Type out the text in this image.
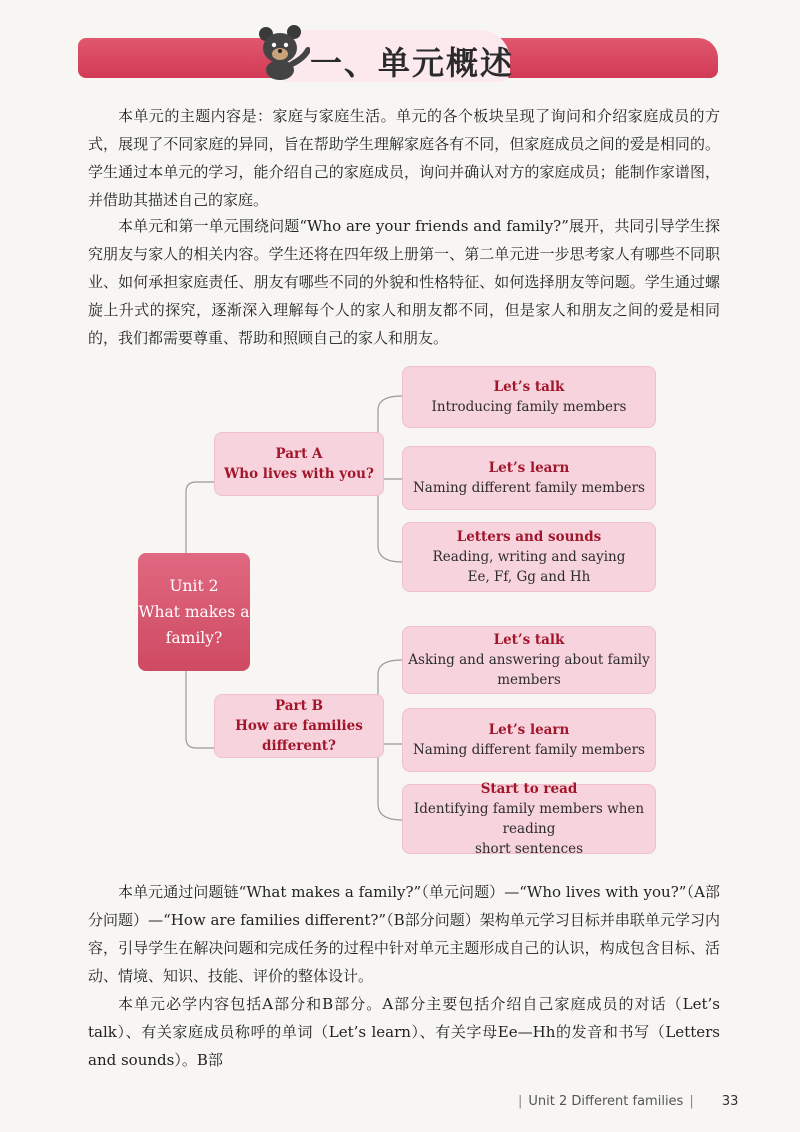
一、单元概述

本单元的主题内容是：家庭与家庭生活。单元的各个板块呈现了询问和介绍家庭成员的方式，展现了不同家庭的异同，旨在帮助学生理解家庭各有不同，但家庭成员之间的爱是相同的。学生通过本单元的学习，能介绍自己的家庭成员，询问并确认对方的家庭成员；能制作家谱图，并借助其描述自己的家庭。

本单元和第一单元围绕问题“Who are your friends and family?”展开，共同引导学生探究朋友与家人的相关内容。学生还将在四年级上册第一、第二单元进一步思考家人有哪些不同职业、如何承担家庭责任、朋友有哪些不同的外貌和性格特征、如何选择朋友等问题。学生通过螺旋上升式的探究，逐渐深入理解每个人的家人和朋友都不同，但是家人和朋友之间的爱是相同的，我们都需要尊重、帮助和照顾自己的家人和朋友。

Unit 2
What makes a
family?
Part A
Who lives with you?
Part B
How are families different?
Let’s talk
Introducing family members
Let’s learn
Naming different family members
Letters and sounds
Reading, writing and saying
Ee, Ff, Gg and Hh
Let’s talk
Asking and answering about family
members
Let’s learn
Naming different family members
Start to read
Identifying family members when reading
short sentences

本单元通过问题链“What makes a family?”（单元问题）—“Who lives with you?”（A部分问题）—“How are families different?”（B部分问题）架构单元学习目标并串联单元学习内容，引导学生在解决问题和完成任务的过程中针对单元主题形成自己的认识，构成包含目标、活动、情境、知识、技能、评价的整体设计。

本单元必学内容包括A部分和B部分。A部分主要包括介绍自己家庭成员的对话（Let’s talk）、有关家庭成员称呼的单词（Let’s learn）、有关字母Ee—Hh的发音和书写（Letters and sounds）。B部

| Unit 2 Different families | 33
